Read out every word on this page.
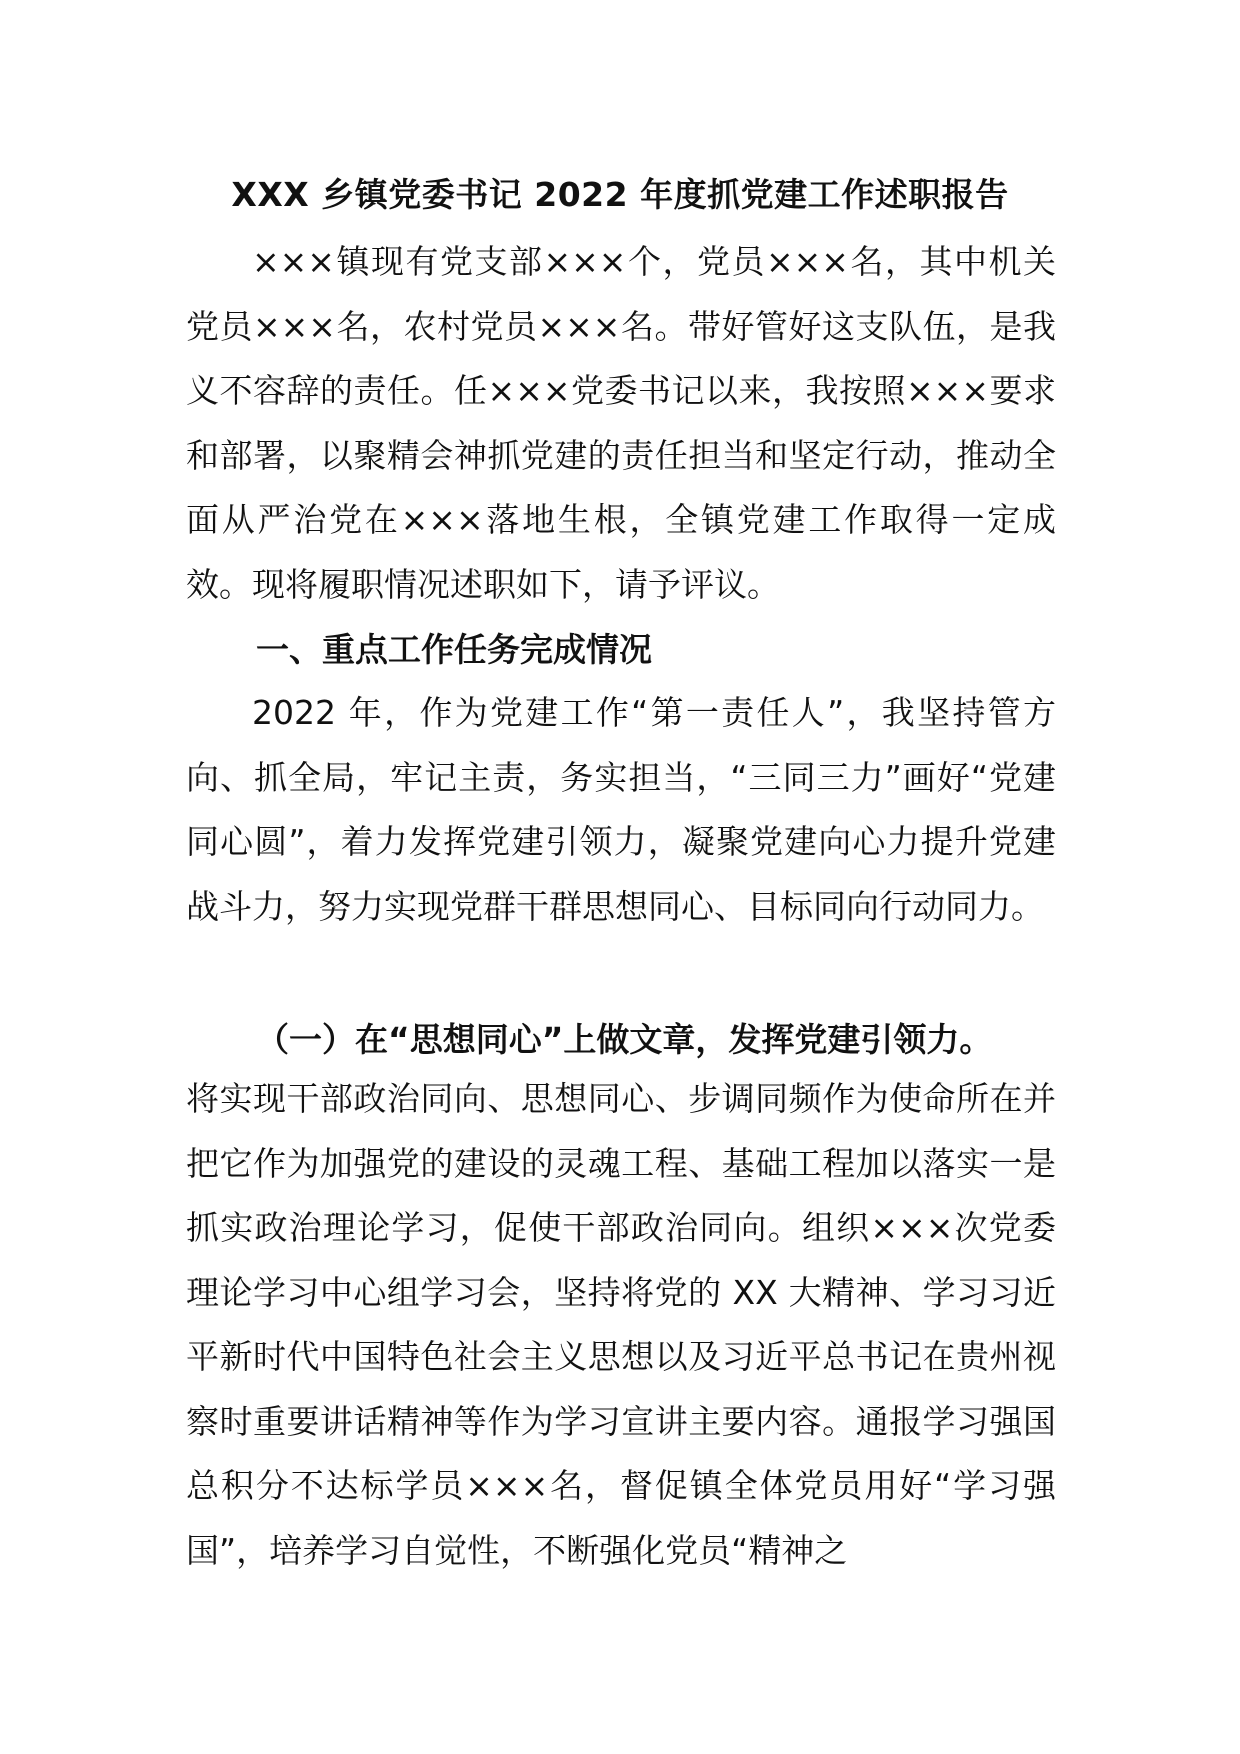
XXX 乡镇党委书记 2022 年度抓党建工作述职报告

×××镇现有党支部×××个，党员×××名，其中机关党员×××名，农村党员×××名。带好管好这支队伍，是我义不容辞的责任。任×××党委书记以来，我按照×××要求和部署，以聚精会神抓党建的责任担当和坚定行动，推动全面从严治党在×××落地生根，全镇党建工作取得一定成效。现将履职情况述职如下，请予评议。

一、重点工作任务完成情况

2022 年，作为党建工作“第一责任人”，我坚持管方向、抓全局，牢记主责，务实担当，“三同三力”画好“党建同心圆”，着力发挥党建引领力，凝聚党建向心力提升党建战斗力，努力实现党群干群思想同心、目标同向行动同力。

（一）在“思想同心”上做文章，发挥党建引领力。

将实现干部政治同向、思想同心、步调同频作为使命所在并把它作为加强党的建设的灵魂工程、基础工程加以落实一是抓实政治理论学习，促使干部政治同向。组织×××次党委理论学习中心组学习会，坚持将党的 XX 大精神、学习习近平新时代中国特色社会主义思想以及习近平总书记在贵州视察时重要讲话精神等作为学习宣讲主要内容。通报学习强国总积分不达标学员×××名，督促镇全体党员用好“学习强国”，培养学习自觉性，不断强化党员“精神之
